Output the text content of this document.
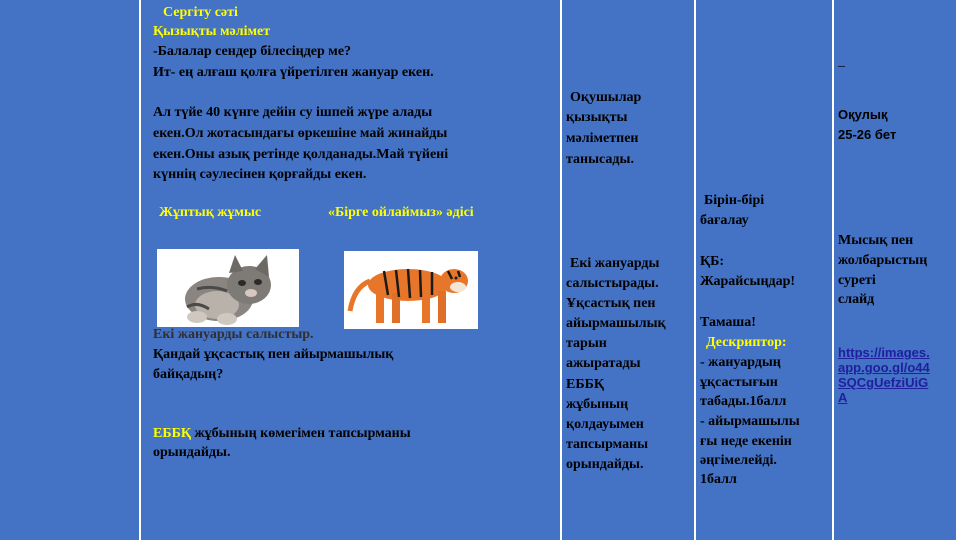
Сергіту сәті
Қызықты мәлімет
-Балалар сендер білесіңдер ме?
Ит- ең алғаш қолға үйретілген жануар екен.
Ал түйе 40 күнге дейін су ішпей жүре алады
екен.Ол жотасындағы өркешіне май жинайды
екен.Оны азық ретінде қолданады.Май түйені
күннің сәулесінен қорғайды екен.
Жұптық жұмыс	«Бірге ойлаймыз» әдісі
Екі жануарды салыстыр.
Қандай ұқсастық пен айырмашылық
байқадың?
ЕББҚ жұбының көмегімен тапсырманы
орындайды.
Оқушылар
қызықты
мәліметпен
танысады.
Екі жануарды
салыстырады.
Ұқсастық пен
айырмашылық
тарын
ажыратады
ЕББҚ
жұбының
қолдауымен
тапсырманы
орындайды.
Бірін-бірі
бағалау
ҚБ:
Жарайсыңдар!
Тамаша!
Дескриптор:
- жануардың
ұқсастығын
табады.1балл
- айырмашылы
ғы неде екенін
әңгімелейді.
1балл
_
Оқулық
25-26 бет
Мысық пен
жолбарыстың
суреті
слайд
https://images.
app.goo.gl/o44
SQCgUefziUiG
A
